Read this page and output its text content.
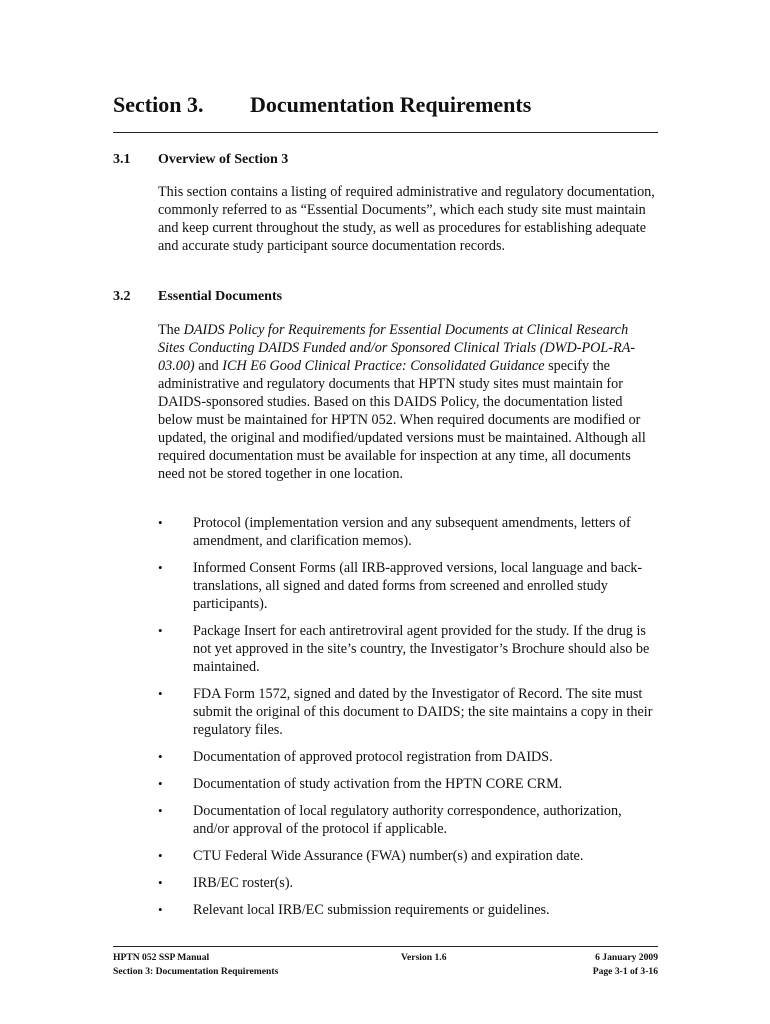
Section 3. Documentation Requirements
3.1 Overview of Section 3

This section contains a listing of required administrative and regulatory documentation, commonly referred to as “Essential Documents”, which each study site must maintain and keep current throughout the study, as well as procedures for establishing adequate and accurate study participant source documentation records.

3.2 Essential Documents

The DAIDS Policy for Requirements for Essential Documents at Clinical Research Sites Conducting DAIDS Funded and/or Sponsored Clinical Trials (DWD-POL-RA-03.00) and ICH E6 Good Clinical Practice: Consolidated Guidance specify the administrative and regulatory documents that HPTN study sites must maintain for DAIDS-sponsored studies. Based on this DAIDS Policy, the documentation listed below must be maintained for HPTN 052. When required documents are modified or updated, the original and modified/updated versions must be maintained. Although all required documentation must be available for inspection at any time, all documents need not be stored together in one location.

• Protocol (implementation version and any subsequent amendments, letters of amendment, and clarification memos).
• Informed Consent Forms (all IRB-approved versions, local language and back-translations, all signed and dated forms from screened and enrolled study participants).
• Package Insert for each antiretroviral agent provided for the study. If the drug is not yet approved in the site’s country, the Investigator’s Brochure should also be maintained.
• FDA Form 1572, signed and dated by the Investigator of Record. The site must submit the original of this document to DAIDS; the site maintains a copy in their regulatory files.
• Documentation of approved protocol registration from DAIDS.
• Documentation of study activation from the HPTN CORE CRM.
• Documentation of local regulatory authority correspondence, authorization, and/or approval of the protocol if applicable.
• CTU Federal Wide Assurance (FWA) number(s) and expiration date.
• IRB/EC roster(s).
• Relevant local IRB/EC submission requirements or guidelines.
HPTN 052 SSP Manual	Version 1.6	6 January 2009
Section 3: Documentation Requirements	Page 3-1 of 3-16
